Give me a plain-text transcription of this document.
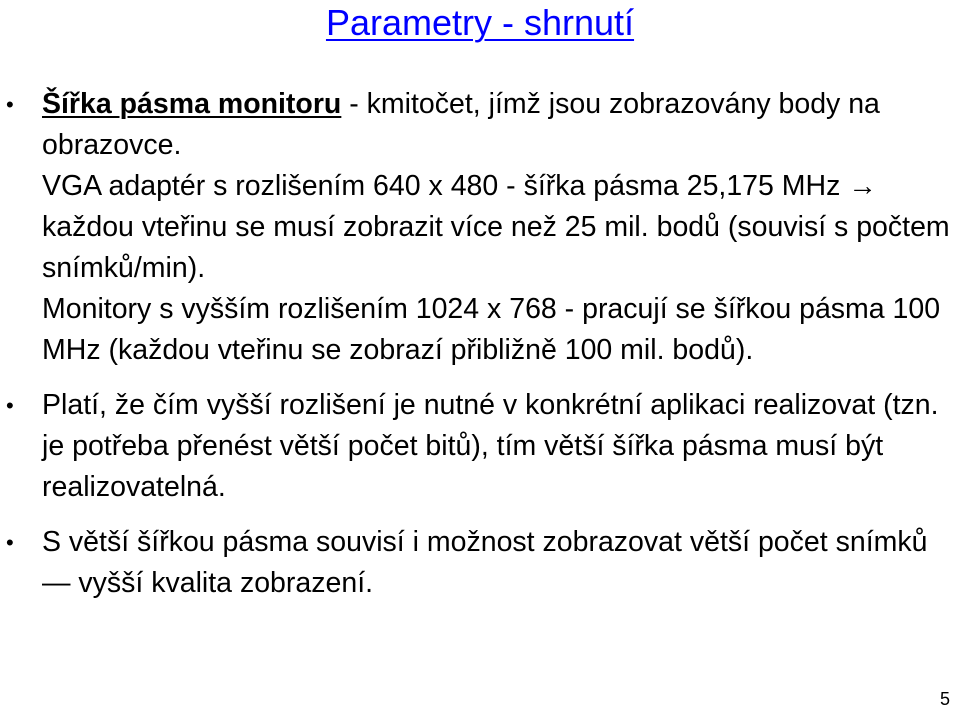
Parametry - shrnutí
• Šířka pásma monitoru - kmitočet, jímž jsou zobrazovány body na obrazovce.
VGA adaptér s rozlišením 640 x 480 - šířka pásma 25,175 MHz → každou vteřinu se musí zobrazit více než 25 mil. bodů (souvisí s počtem snímků/min).
Monitory s vyšším rozlišením 1024 x 768 - pracují se šířkou pásma 100 MHz (každou vteřinu se zobrazí přibližně 100 mil. bodů).
• Platí, že čím vyšší rozlišení je nutné v konkrétní aplikaci realizovat (tzn. je potřeba přenést větší počet bitů), tím větší šířka pásma musí být realizovatelná.
• S větší šířkou pásma souvisí i možnost zobrazovat větší počet snímků ― vyšší kvalita zobrazení.
5
